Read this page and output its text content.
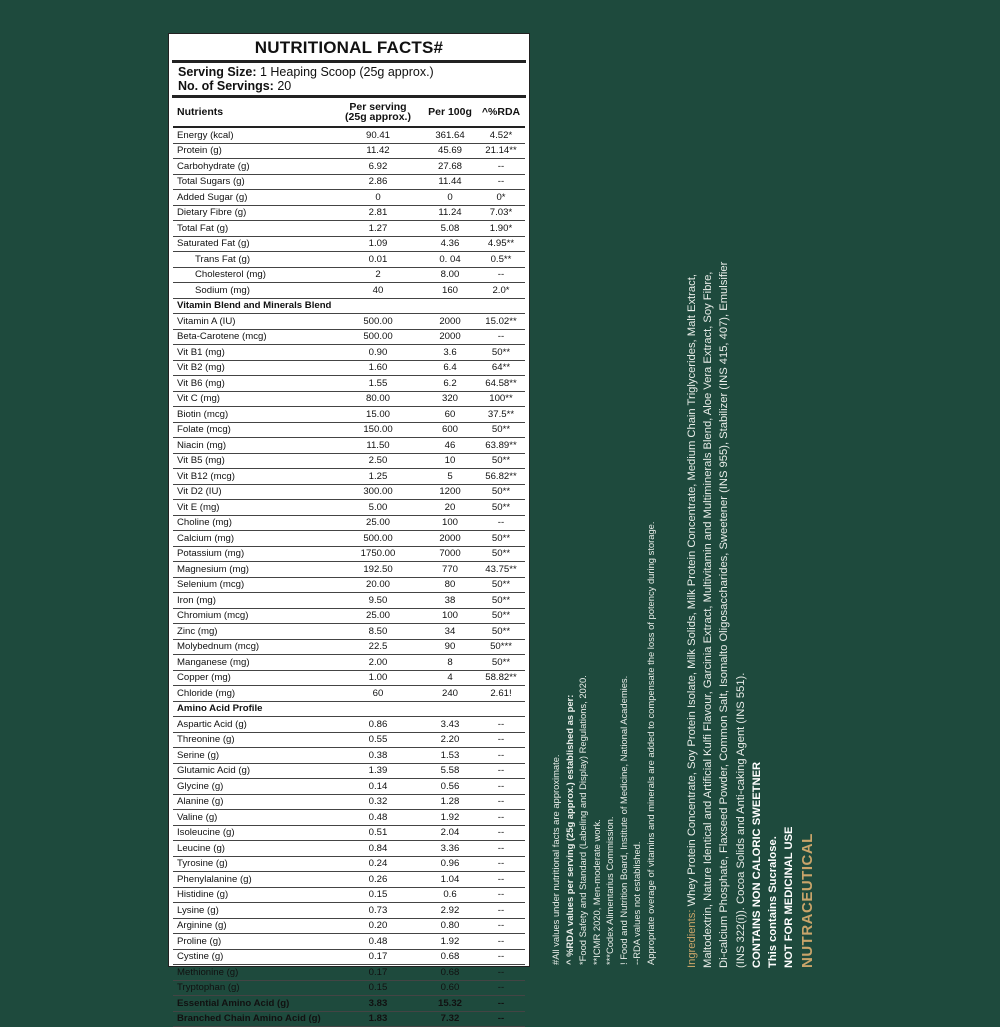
NUTRITIONAL FACTS#
Serving Size: 1 Heaping Scoop (25g approx.)
No. of Servings: 20
Nutrients	Per serving
(25g approx.)	Per 100g	^%RDA
Energy (kcal)	90.41	361.64	4.52*
Protein (g)	11.42	45.69	21.14**
Carbohydrate (g)	6.92	27.68	--
Total Sugars (g)	2.86	11.44	--
Added Sugar (g)	0	0	0*
Dietary Fibre (g)	2.81	11.24	7.03*
Total Fat (g)	1.27	5.08	1.90*
Saturated Fat (g)	1.09	4.36	4.95**
Trans Fat (g)	0.01	0. 04	0.5**
Cholesterol (mg)	2	8.00	--
Sodium (mg)	40	160	2.0*
Vitamin Blend and Minerals Blend			
Vitamin A (IU)	500.00	2000	15.02**
Beta-Carotene (mcg)	500.00	2000	--
Vit B1 (mg)	0.90	3.6	50**
Vit B2 (mg)	1.60	6.4	64**
Vit B6 (mg)	1.55	6.2	64.58**
Vit C (mg)	80.00	320	100**
Biotin (mcg)	15.00	60	37.5**
Folate (mcg)	150.00	600	50**
Niacin (mg)	11.50	46	63.89**
Vit B5 (mg)	2.50	10	50**
Vit B12 (mcg)	1.25	5	56.82**
Vit D2 (IU)	300.00	1200	50**
Vit E (mg)	5.00	20	50**
Choline (mg)	25.00	100	--
Calcium (mg)	500.00	2000	50**
Potassium (mg)	1750.00	7000	50**
Magnesium (mg)	192.50	770	43.75**
Selenium (mcg)	20.00	80	50**
Iron (mg)	9.50	38	50**
Chromium (mcg)	25.00	100	50**
Zinc (mg)	8.50	34	50**
Molybednum (mcg)	22.5	90	50***
Manganese (mg)	2.00	8	50**
Copper (mg)	1.00	4	58.82**
Chloride (mg)	60	240	2.61!
Amino Acid Profile			
Aspartic Acid (g)	0.86	3.43	--
Threonine (g)	0.55	2.20	--
Serine (g)	0.38	1.53	--
Glutamic Acid (g)	1.39	5.58	--
Glycine (g)	0.14	0.56	--
Alanine (g)	0.32	1.28	--
Valine (g)	0.48	1.92	--
Isoleucine (g)	0.51	2.04	--
Leucine (g)	0.84	3.36	--
Tyrosine (g)	0.24	0.96	--
Phenylalanine (g)	0.26	1.04	--
Histidine (g)	0.15	0.6	--
Lysine (g)	0.73	2.92	--
Arginine (g)	0.20	0.80	--
Proline (g)	0.48	1.92	--
Cystine (g)	0.17	0.68	--
Methionine (g)	0.17	0.68	--
Tryptophan (g)	0.15	0.60	--
Essential Amino Acid (g)	3.83	15.32	--
Branched Chain Amino Acid (g)	1.83	7.32	--
#All values under nutritional facts are approximate. ^ %RDA values per serving (25g approx.) established as per: *Food Safety and Standard (Labeling and Display) Regulations, 2020. **ICMR 2020, Men-moderate work. ***Codex Alimentarius Commission. ! Food and Nutrition Board, Institute of Medicine, National Academies. --RDA values not established. Appropriate overage of vitamins and minerals are added to compensate the loss of potency during storage.	Ingredients: Whey Protein Concentrate, Soy Protein Isolate, Milk Solids, Milk Protein Concentrate, Medium Chain Triglycerides, Malt Extract, Maltodextrin, Nature Identical and Artificial Kulfi Flavour, Garcinia Extract, Multivitamin and Multiminerals Blend, Aloe Vera Extract, Soy Fibre, Di-calcium Phosphate, Flaxseed Powder, Common Salt, Isomalto Oligosaccharides, Sweetener (INS 955), Stabilizer (INS 415, 407), Emulsifier (INS 322(i)). Cocoa Solids and Anti-caking Agent (INS 551). CONTAINS NON CALORIC SWEETNER This contains Sucralose. NOT FOR MEDICINAL USE NUTRACEUTICAL
